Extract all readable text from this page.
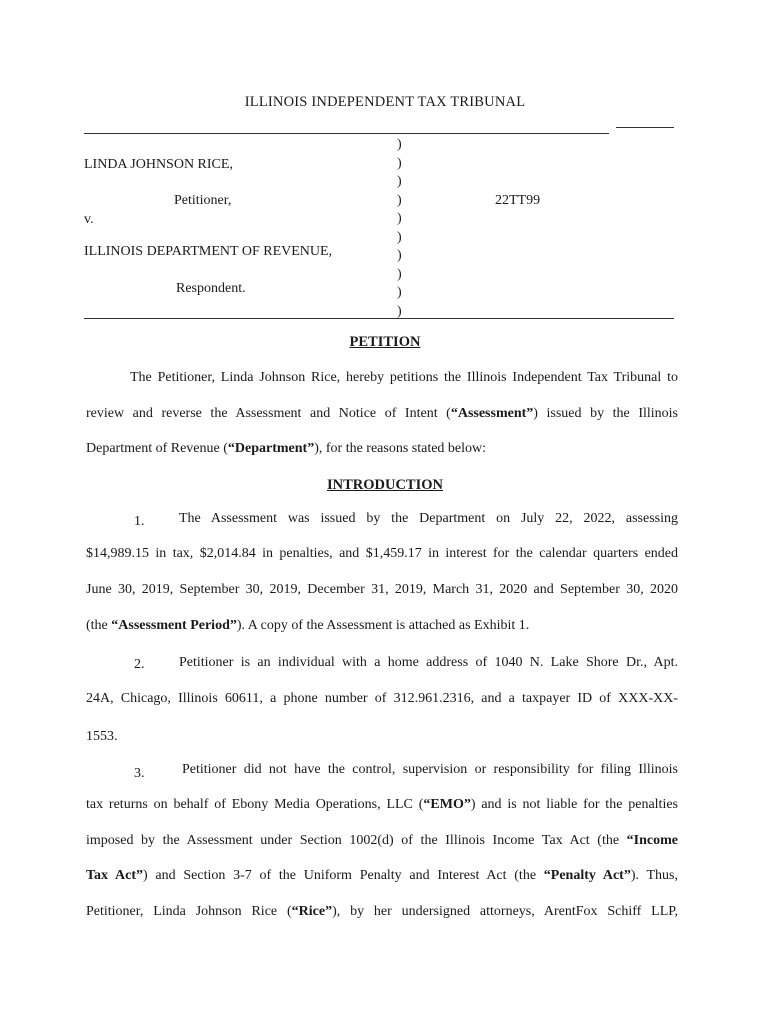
ILLINOIS INDEPENDENT TAX TRIBUNAL
LINDA JOHNSON RICE,
Petitioner,
v.
ILLINOIS DEPARTMENT OF REVENUE,
Respondent.
)
)
)
)
)
)
)
)
)
)
22TT99
PETITION
The Petitioner, Linda Johnson Rice, hereby petitions the Illinois Independent Tax Tribunal to
review and reverse the Assessment and Notice of Intent (“Assessment”) issued by the Illinois
Department of Revenue (“Department”), for the reasons stated below:
INTRODUCTION
1. The Assessment was issued by the Department on July 22, 2022, assessing
$14,989.15 in tax, $2,014.84 in penalties, and $1,459.17 in interest for the calendar quarters ended
June 30, 2019, September 30, 2019, December 31, 2019, March 31, 2020 and September 30, 2020
(the “Assessment Period”). A copy of the Assessment is attached as Exhibit 1.
2. Petitioner is an individual with a home address of 1040 N. Lake Shore Dr., Apt.
24A, Chicago, Illinois 60611, a phone number of 312.961.2316, and a taxpayer ID of XXX-XX-
1553.
3.	Petitioner did not have the control, supervision or responsibility for filing Illinois
tax returns on behalf of Ebony Media Operations, LLC (“EMO”) and is not liable for the penalties
imposed by the Assessment under Section 1002(d) of the Illinois Income Tax Act (the “Income
Tax Act”) and Section 3-7 of the Uniform Penalty and Interest Act (the “Penalty Act”). Thus,
Petitioner, Linda Johnson Rice (“Rice”), by her undersigned attorneys, ArentFox Schiff LLP,
